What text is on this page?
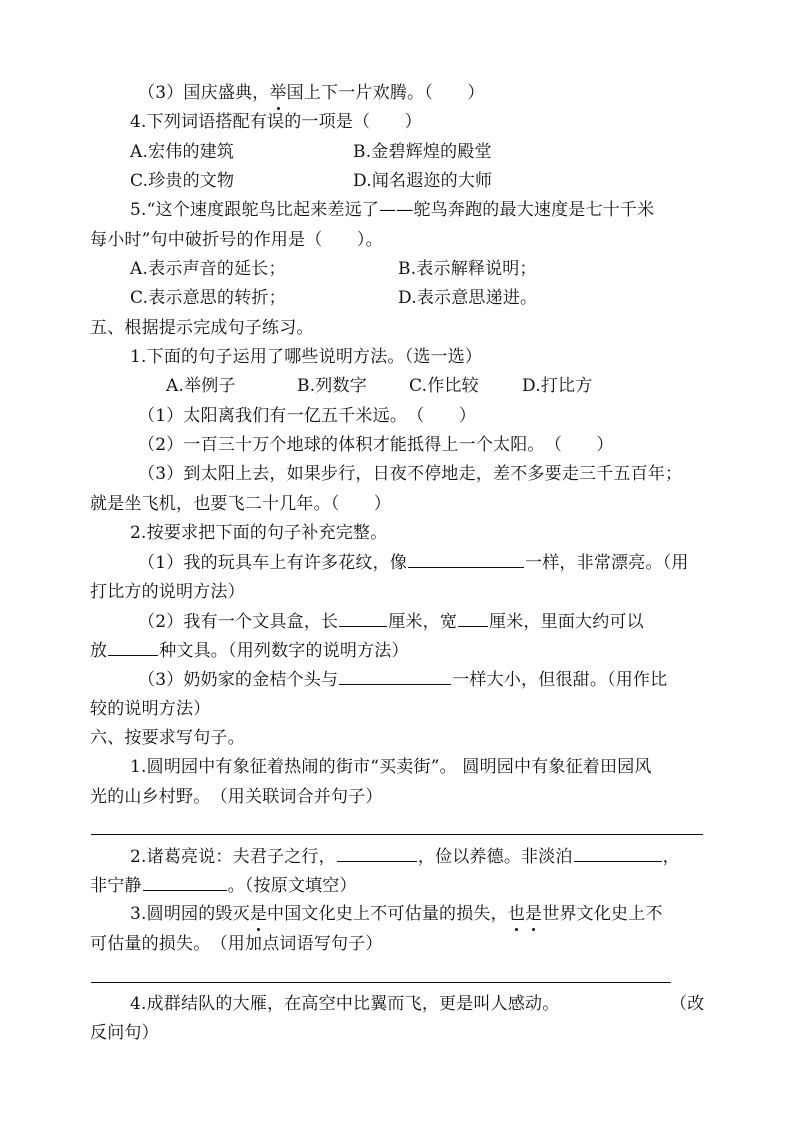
（3）国庆盛典，举国上下一片欢腾。（　　）
4.下列词语搭配有误的一项是（　　）
A.宏伟的建筑	B.金碧辉煌的殿堂
C.珍贵的文物	D.闻名遐迩的大师
5.“这个速度跟鸵鸟比起来差远了——鸵鸟奔跑的最大速度是七十千米
每小时”句中破折号的作用是（　　）。
A.表示声音的延长；	B.表示解释说明；
C.表示意思的转折；	D.表示意思递进。
五、根据提示完成句子练习。
1.下面的句子运用了哪些说明方法。（选一选）
A.举例子	B.列数字 C.作比较	D.打比方
（1）太阳离我们有一亿五千米远。　（　　）
（2）一百三十万个地球的体积才能抵得上一个太阳。　（　　）
（3）到太阳上去，如果步行，日夜不停地走，差不多要走三千五百年；
就是坐飞机，也要飞二十几年。（　　）
2.按要求把下面的句子补充完整。
（1）我的玩具车上有许多花纹，像	一样，非常漂亮。（用
打比方的说明方法）
（2）我有一个文具盒，长	厘米，宽 厘米，里面大约可以
放	种文具。（用列数字的说明方法）
（3）奶奶家的金桔个头与	一样大小，但很甜。（用作比
较的说明方法）
六、按要求写句子。
1.圆明园中有象征着热闹的街市“买卖街”。 圆明园中有象征着田园风
光的山乡村野。　（用关联词合并句子）
2.诸葛亮说：夫君子之行，	，俭以养德。非淡泊	，
非宁静	。（按原文填空）
3.圆明园的毁灭是中国文化史上不可估量的损失，也是世界文化史上不
可估量的损失。　（用加点词语写句子）
4.成群结队的大雁，在高空中比翼而飞，更是叫人感动。	（改
反问句）
